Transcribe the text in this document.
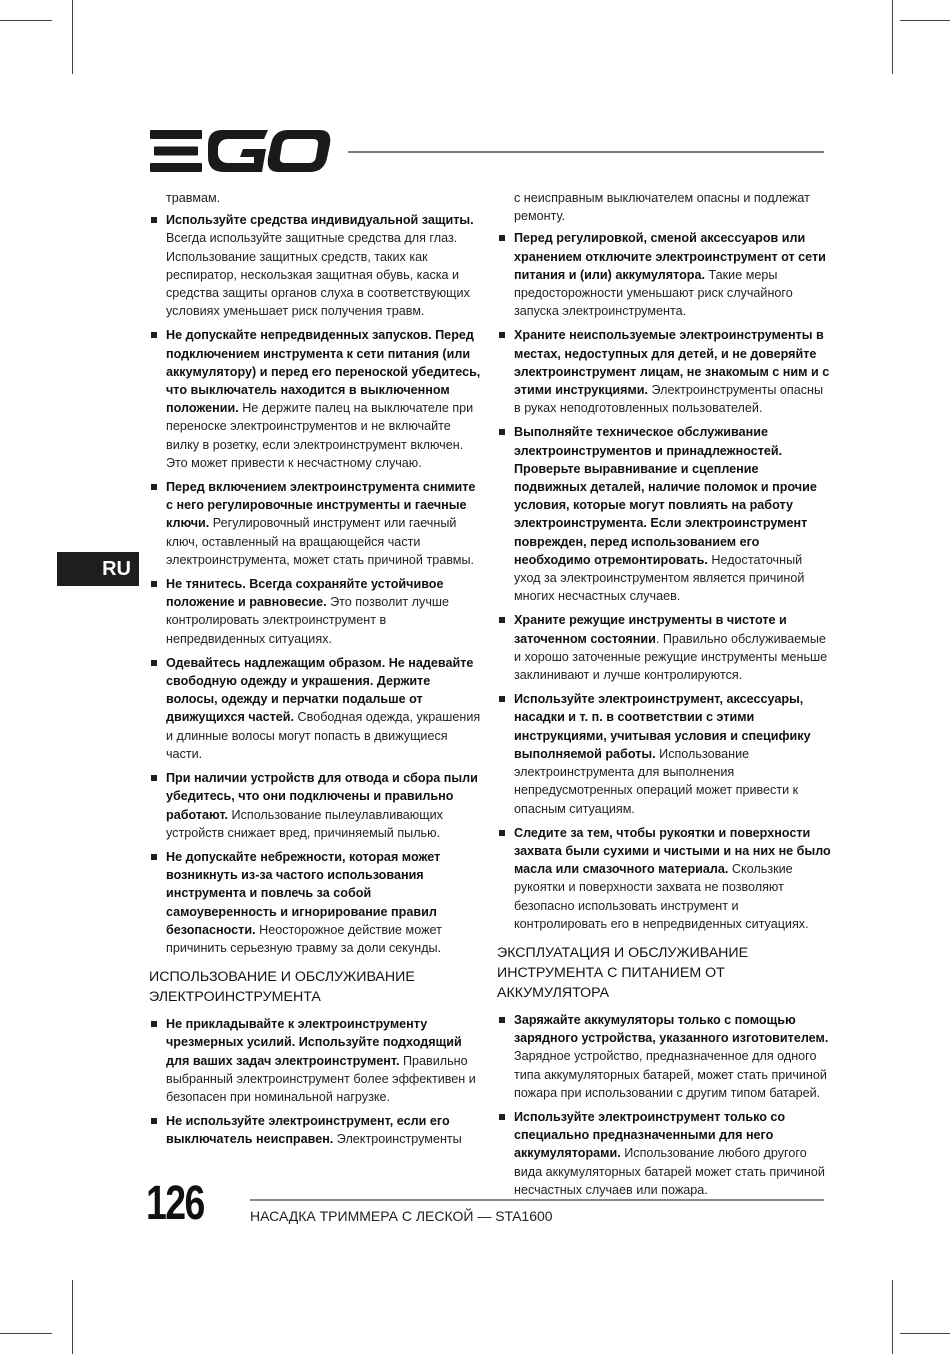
RU
травмам.
Используйте средства индивидуальной защиты. Всегда используйте защитные средства для глаз. Использование защитных средств, таких как респиратор, нескользкая защитная обувь, каска и средства защиты органов слуха в соответствующих условиях уменьшает риск получения травм.
Не допускайте непредвиденных запусков. Перед подключением инструмента к сети питания (или аккумулятору) и перед его переноской убедитесь, что выключатель находится в выключенном положении. Не держите палец на выключателе при переноске электроинструментов и не включайте вилку в розетку, если электроинструмент включен. Это может привести к несчастному случаю.
Перед включением электроинструмента снимите с него регулировочные инструменты и гаечные ключи. Регулировочный инструмент или гаечный ключ, оставленный на вращающейся части электроинструмента, может стать причиной травмы.
Не тянитесь. Всегда сохраняйте устойчивое положение и равновесие. Это позволит лучше контролировать электроинструмент в непредвиденных ситуациях.
Одевайтесь надлежащим образом. Не надевайте свободную одежду и украшения. Держите волосы, одежду и перчатки подальше от движущихся частей. Свободная одежда, украшения и длинные волосы могут попасть в движущиеся части.
При наличии устройств для отвода и сбора пыли убедитесь, что они подключены и правильно работают. Использование пылеулавливающих устройств снижает вред, причиняемый пылью.
Не допускайте небрежности, которая может возникнуть из-за частого использования инструмента и повлечь за собой самоуверенность и игнорирование правил безопасности. Неосторожное действие может причинить серьезную травму за доли секунды.
ИСПОЛЬЗОВАНИЕ И ОБСЛУЖИВАНИЕ ЭЛЕКТРОИНСТРУМЕНТА
Не прикладывайте к электроинструменту чрезмерных усилий. Используйте подходящий для ваших задач электроинструмент. Правильно выбранный электроинструмент более эффективен и безопасен при номинальной нагрузке.
Не используйте электроинструмент, если его выключатель неисправен. Электроинструменты
с неисправным выключателем опасны и подлежат ремонту.
Перед регулировкой, сменой аксессуаров или хранением отключите электроинструмент от сети питания и (или) аккумулятора. Такие меры предосторожности уменьшают риск случайного запуска электроинструмента.
Храните неиспользуемые электроинструменты в местах, недоступных для детей, и не доверяйте электроинструмент лицам, не знакомым с ним и с этими инструкциями. Электроинструменты опасны в руках неподготовленных пользователей.
Выполняйте техническое обслуживание электроинструментов и принадлежностей. Проверьте выравнивание и сцепление подвижных деталей, наличие поломок и прочие условия, которые могут повлиять на работу электроинструмента. Если электроинструмент поврежден, перед использованием его необходимо отремонтировать. Недостаточный уход за электроинструментом является причиной многих несчастных случаев.
Храните режущие инструменты в чистоте и заточенном состоянии. Правильно обслуживаемые и хорошо заточенные режущие инструменты меньше заклинивают и лучше контролируются.
Используйте электроинструмент, аксессуары, насадки и т. п. в соответствии с этими инструкциями, учитывая условия и специфику выполняемой работы. Использование электроинструмента для выполнения непредусмотренных операций может привести к опасным ситуациям.
Следите за тем, чтобы рукоятки и поверхности захвата были сухими и чистыми и на них не было масла или смазочного материала. Скользкие рукоятки и поверхности захвата не позволяют безопасно использовать инструмент и контролировать его в непредвиденных ситуациях.
ЭКСПЛУАТАЦИЯ И ОБСЛУЖИВАНИЕ ИНСТРУМЕНТА С ПИТАНИЕМ ОТ АККУМУЛЯТОРА
Заряжайте аккумуляторы только с помощью зарядного устройства, указанного изготовителем. Зарядное устройство, предназначенное для одного типа аккумуляторных батарей, может стать причиной пожара при использовании с другим типом батарей.
Используйте электроинструмент только со специально предназначенными для него аккумуляторами. Использование любого другого вида аккумуляторных батарей может стать причиной несчастных случаев или пожара.
126	НАСАДКА ТРИММЕРА С ЛЕСКОЙ — STA1600
